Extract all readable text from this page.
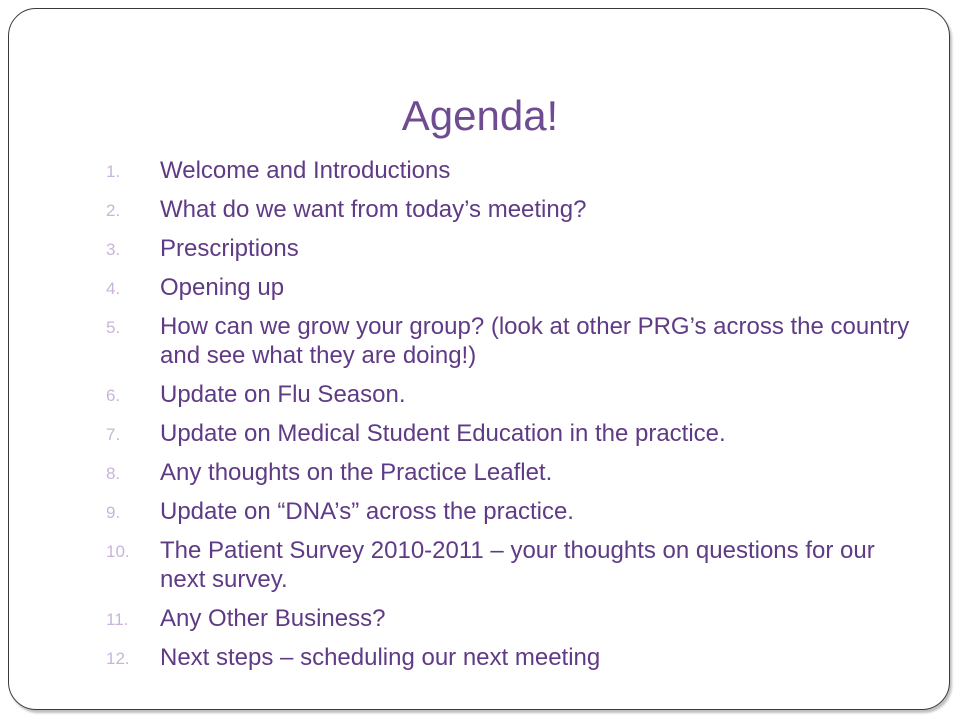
Agenda!
1. Welcome and Introductions
2. What do we want from today’s meeting?
3. Prescriptions
4. Opening up
5. How can we grow your group? (look at other PRG’s across the country and see what they are doing!)
6. Update on Flu Season.
7. Update on Medical Student Education in the practice.
8. Any thoughts on the Practice Leaflet.
9. Update on “DNA’s” across the practice.
10. The Patient Survey 2010-2011 – your thoughts on questions for our next survey.
11. Any Other Business?
12. Next steps – scheduling our next meeting
